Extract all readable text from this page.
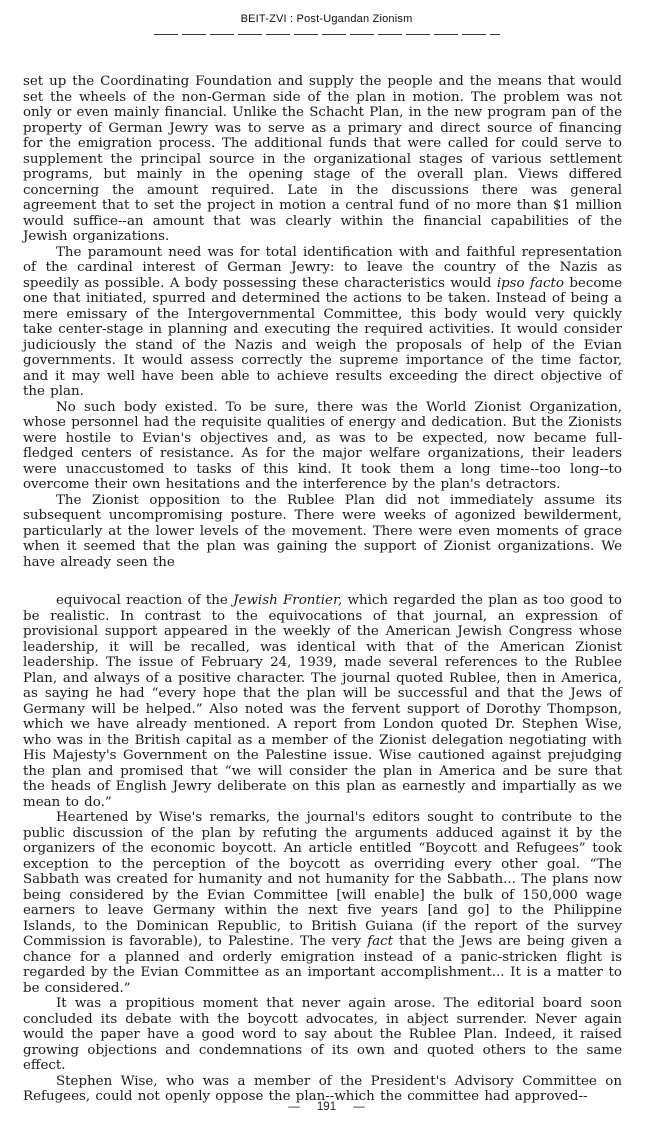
BEIT-ZVI : Post-Ugandan Zionism

set up the Coordinating Foundation and supply the people and the means that would set the wheels of the non-German side of the plan in motion. The problem was not only or even mainly financial. Unlike the Schacht Plan, in the new program pan of the property of German Jewry was to serve as a primary and direct source of financing for the emigration process. The additional funds that were called for could serve to supplement the principal source in the organizational stages of various settlement programs, but mainly in the opening stage of the overall plan. Views differed concerning the amount required. Late in the discussions there was general agreement that to set the project in motion a central fund of no more than $1 million would suffice--an amount that was clearly within the financial capabilities of the Jewish organizations.

The paramount need was for total identification with and faithful representation of the cardinal interest of German Jewry: to leave the country of the Nazis as speedily as possible. A body possessing these characteristics would ipso facto become one that initiated, spurred and determined the actions to be taken. Instead of being a mere emissary of the Intergovernmental Committee, this body would very quickly take center-stage in planning and executing the required activities. It would consider judiciously the stand of the Nazis and weigh the proposals of help of the Evian governments. It would assess correctly the supreme importance of the time factor, and it may well have been able to achieve results exceeding the direct objective of the plan.

No such body existed. To be sure, there was the World Zionist Organization, whose personnel had the requisite qualities of energy and dedication. But the Zionists were hostile to Evian's objectives and, as was to be expected, now became full-fledged centers of resistance. As for the major welfare organizations, their leaders were unaccustomed to tasks of this kind. It took them a long time--too long--to overcome their own hesitations and the interference by the plan's detractors.

The Zionist opposition to the Rublee Plan did not immediately assume its subsequent uncompromising posture. There were weeks of agonized bewilderment, particularly at the lower levels of the movement. There were even moments of grace when it seemed that the plan was gaining the support of Zionist organizations. We have already seen the

equivocal reaction of the Jewish Frontier, which regarded the plan as too good to be realistic. In contrast to the equivocations of that journal, an expression of provisional support appeared in the weekly of the American Jewish Congress whose leadership, it will be recalled, was identical with that of the American Zionist leadership. The issue of February 24, 1939, made several references to the Rublee Plan, and always of a positive character. The journal quoted Rublee, then in America, as saying he had “every hope that the plan will be successful and that the Jews of Germany will be helped.” Also noted was the fervent support of Dorothy Thompson, which we have already mentioned. A report from London quoted Dr. Stephen Wise, who was in the British capital as a member of the Zionist delegation negotiating with His Majesty's Government on the Palestine issue. Wise cautioned against prejudging the plan and promised that “we will consider the plan in America and be sure that the heads of English Jewry deliberate on this plan as earnestly and impartially as we mean to do.”

Heartened by Wise's remarks, the journal's editors sought to contribute to the public discussion of the plan by refuting the arguments adduced against it by the organizers of the economic boycott. An article entitled “Boycott and Refugees” took exception to the perception of the boycott as overriding every other goal. “The Sabbath was created for humanity and not humanity for the Sabbath... The plans now being considered by the Evian Committee [will enable] the bulk of 150,000 wage earners to leave Germany within the next five years [and go] to the Philippine Islands, to the Dominican Republic, to British Guiana (if the report of the survey Commission is favorable), to Palestine. The very fact that the Jews are being given a chance for a planned and orderly emigration instead of a panic-stricken flight is regarded by the Evian Committee as an important accomplishment... It is a matter to be considered.”

It was a propitious moment that never again arose. The editorial board soon concluded its debate with the boycott advocates, in abject surrender. Never again would the paper have a good word to say about the Rublee Plan. Indeed, it raised growing objections and condemnations of its own and quoted others to the same effect.

Stephen Wise, who was a member of the President's Advisory Committee on Refugees, could not openly oppose the plan--which the committee had approved--

— 191 —
